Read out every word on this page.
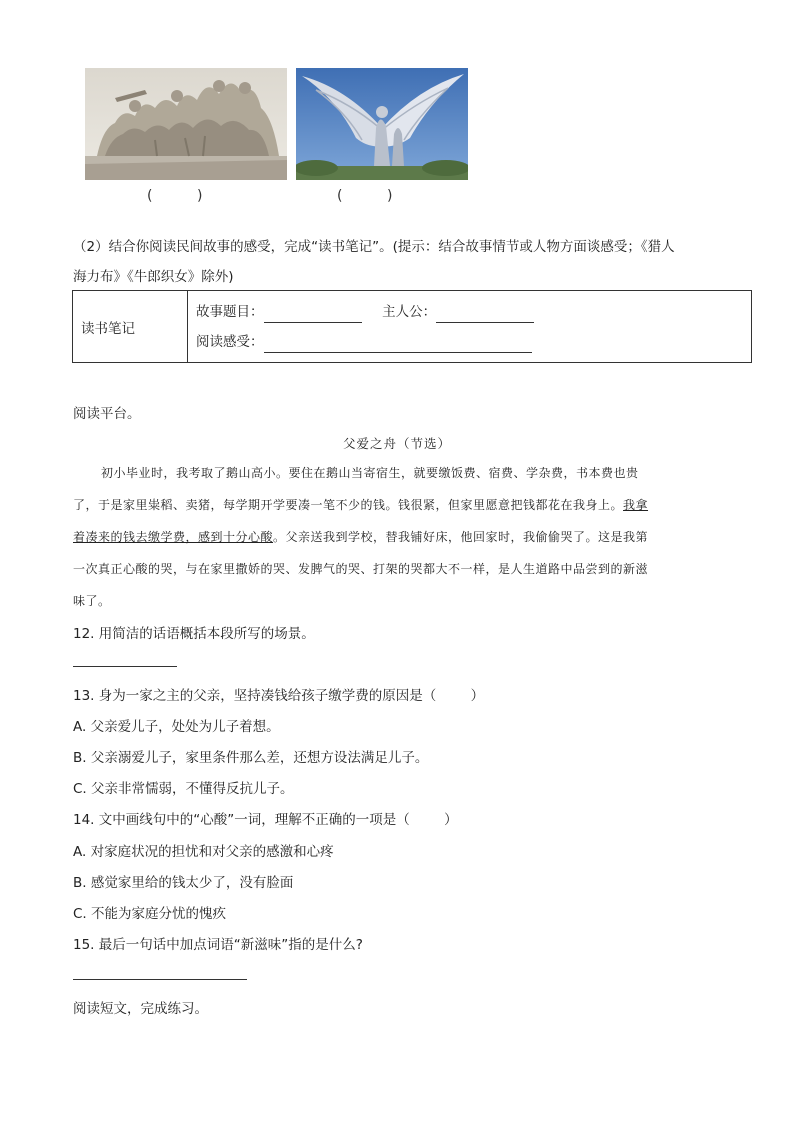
(          )	(          )
（2）结合你阅读民间故事的感受，完成“读书笔记”。(提示：结合故事情节或人物方面谈感受；《猎人
海力布》《牛郎织女》除外)
读书笔记	
故事题目：	主人公：
阅读感受：
阅读平台。
父爱之舟（节选）
初小毕业时，我考取了鹅山高小。要住在鹅山当寄宿生，就要缴饭费、宿费、学杂费，书本费也贵
了，于是家里粜稻、卖猪，每学期开学要凑一笔不少的钱。钱很紧，但家里愿意把钱都花在我身上。我拿
着凑来的钱去缴学费，感到十分心酸。父亲送我到学校，替我铺好床，他回家时，我偷偷哭了。这是我第
一次真正心酸的哭，与在家里撒娇的哭、发脾气的哭、打架的哭都大不一样，是人生道路中品尝到的新滋
味了。
12. 用简洁的话语概括本段所写的场景。
13. 身为一家之主的父亲，坚持凑钱给孩子缴学费的原因是（        ）
A. 父亲爱儿子，处处为儿子着想。
B. 父亲溺爱儿子，家里条件那么差，还想方设法满足儿子。
C. 父亲非常懦弱，不懂得反抗儿子。
14. 文中画线句中的“心酸”一词，理解不正确的一项是（        ）
A. 对家庭状况的担忧和对父亲的感激和心疼
B. 感觉家里给的钱太少了，没有脸面
C. 不能为家庭分忧的愧疚
15. 最后一句话中加点词语“新滋味”指的是什么?
阅读短文，完成练习。
